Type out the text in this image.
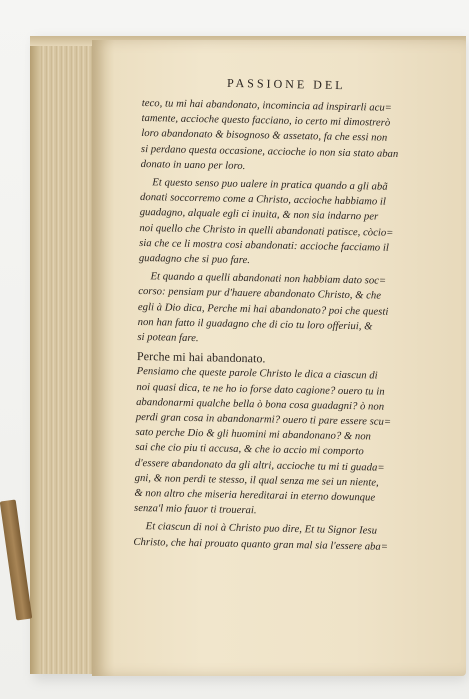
PASSIONE DEL
teco, tu mi hai abandonato, incomincia ad inspirarli acu=
tamente, accioche questo facciano, io certo mi dimostrerò
loro abandonato & bisognoso & assetato, fa che essi non
si perdano questa occasione, accioche io non sia stato aban
donato in uano per loro.
Et questo senso puo ualere in pratica quando a gli abã
donati soccorremo come a Christo, accioche habbiamo il
guadagno, alquale egli ci inuita, & non sia indarno per
noi quello che Christo in quelli abandonati patisce, còcio=
sia che ce li mostra cosi abandonati: accioche facciamo il
guadagno che si puo fare.
Et quando a quelli abandonati non habbiam dato soc=
corso: pensiam pur d'hauere abandonato Christo, & che
egli à Dio dica, Perche mi hai abandonato? poi che questi
non han fatto il guadagno che di cio tu loro offeriui, &
si potean fare.
Perche mi hai abandonato.
Pensiamo che queste parole Christo le dica a ciascun di
noi quasi dica, te ne ho io forse dato cagione? ouero tu in
abandonarmi qualche bella ò bona cosa guadagni? ò non
perdi gran cosa in abandonarmi? ouero ti pare essere scu=
sato perche Dio & gli huomini mi abandonano? & non
sai che cio piu ti accusa, & che io accio mi comporto
d'essere abandonato da gli altri, accioche tu mi ti guada=
gni, & non perdi te stesso, il qual senza me sei un niente,
& non altro che miseria hereditarai in eterno dowunque
senza'l mio fauor ti trouerai.
Et ciascun di noi à Christo puo dire, Et tu Signor Iesu
Christo, che hai prouato quanto gran mal sia l'essere aba=
